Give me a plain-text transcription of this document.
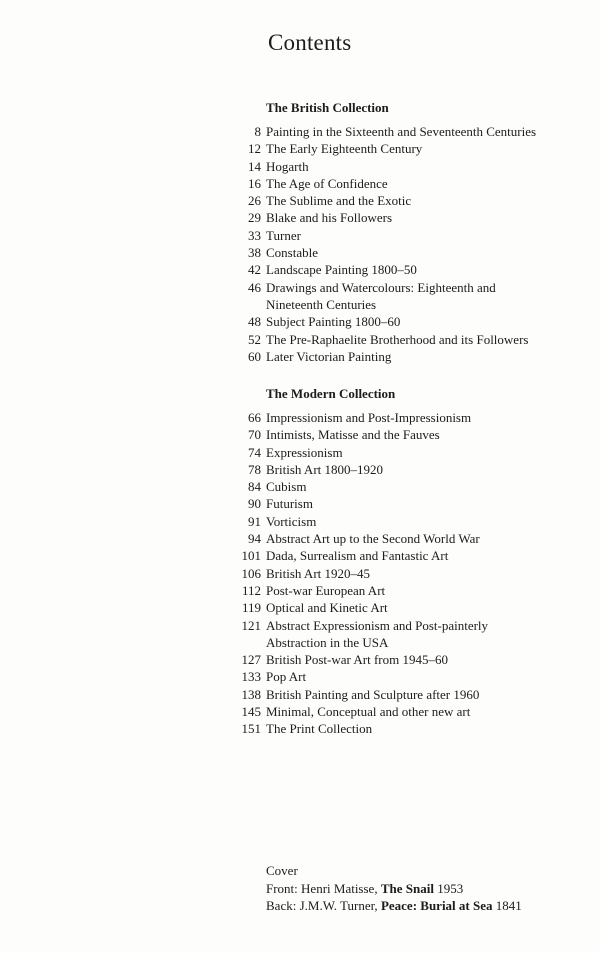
Contents
The British Collection
8 Painting in the Sixteenth and Seventeenth Centuries
12 The Early Eighteenth Century
14 Hogarth
16 The Age of Confidence
26 The Sublime and the Exotic
29 Blake and his Followers
33 Turner
38 Constable
42 Landscape Painting 1800–50
46 Drawings and Watercolours: Eighteenth and
Nineteenth Centuries
48 Subject Painting 1800–60
52 The Pre-Raphaelite Brotherhood and its Followers
60 Later Victorian Painting
The Modern Collection
66 Impressionism and Post-Impressionism
70 Intimists, Matisse and the Fauves
74 Expressionism
78 British Art 1800–1920
84 Cubism
90 Futurism
91 Vorticism
94 Abstract Art up to the Second World War
101 Dada, Surrealism and Fantastic Art
106 British Art 1920–45
112 Post-war European Art
119 Optical and Kinetic Art
121 Abstract Expressionism and Post-painterly
Abstraction in the USA
127 British Post-war Art from 1945–60
133 Pop Art
138 British Painting and Sculpture after 1960
145 Minimal, Conceptual and other new art
151 The Print Collection
Cover
Front: Henri Matisse, The Snail 1953
Back: J.M.W. Turner, Peace: Burial at Sea 1841
